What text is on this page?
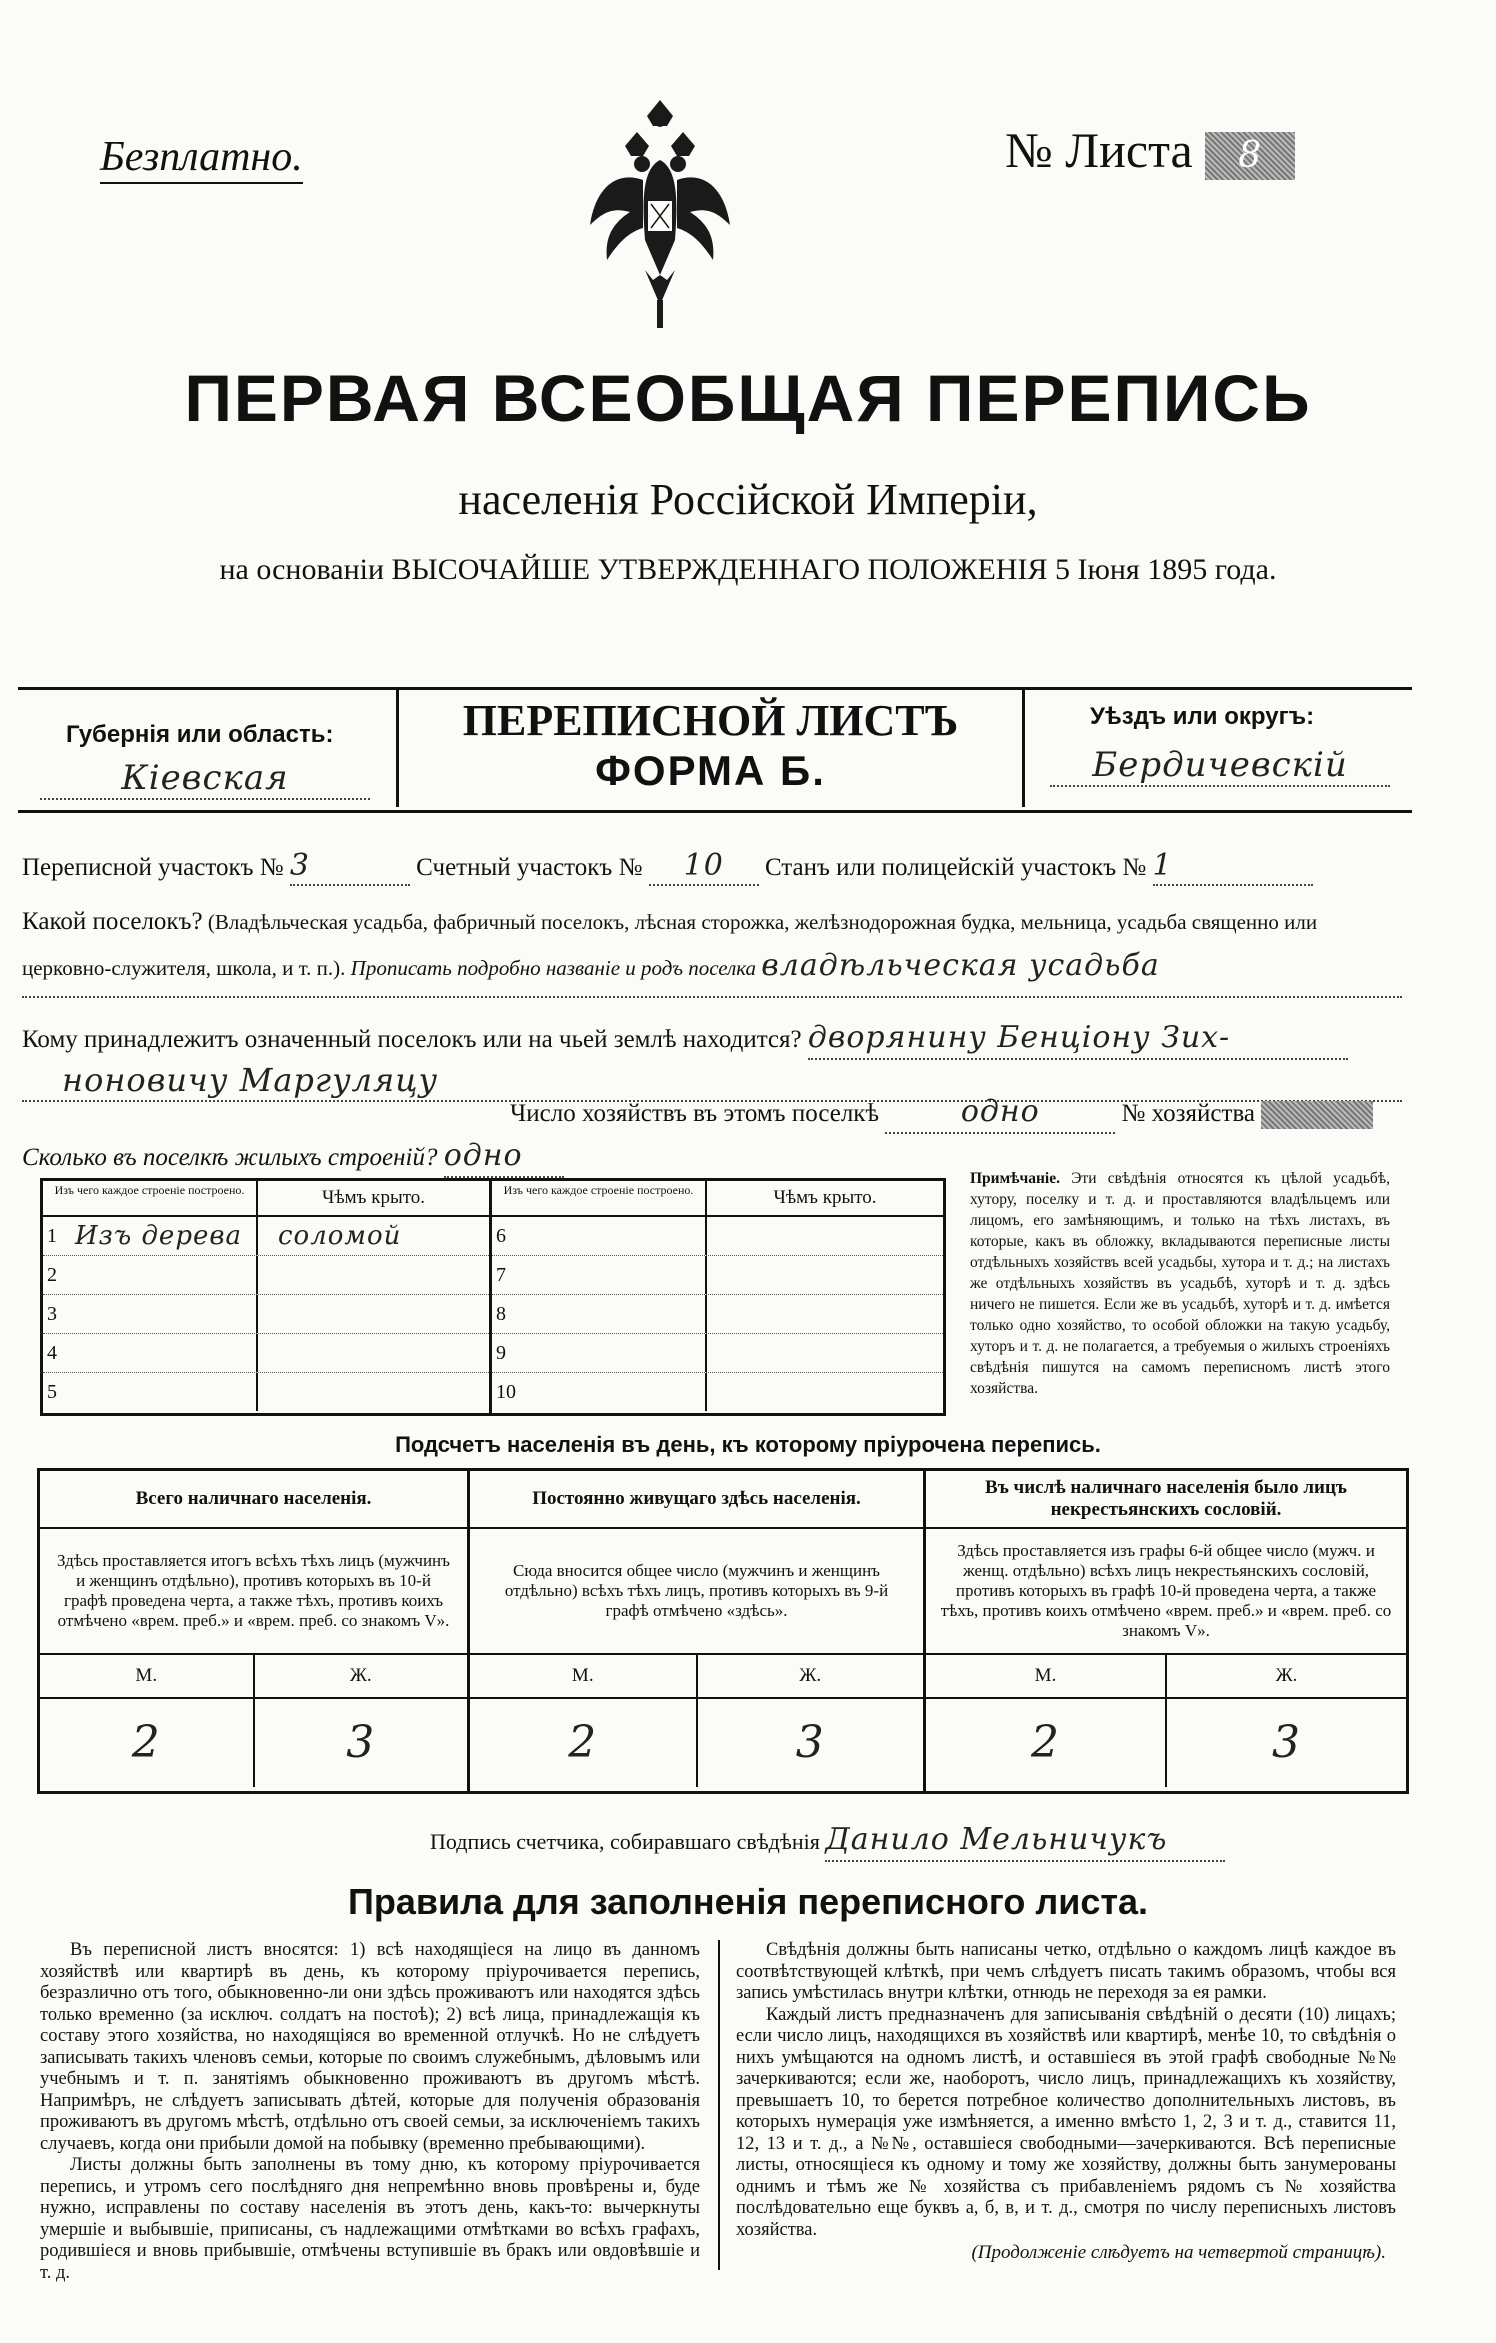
Безплатно.	№ Листа 8
ПЕРВАЯ ВСЕОБЩАЯ ПЕРЕПИСЬ
населенія Россійской Имперіи,
на основаніи ВЫСОЧАЙШЕ УТВЕРЖДЕННАГО ПОЛОЖЕНІЯ 5 Іюня 1895 года.
Губернія или область:
Кіевская
ПЕРЕПИСНОЙ ЛИСТЪ
ФОРМА Б.
Уѣздъ или округъ:
Бердичевскій
Переписной участокъ № 3	Счетный участокъ № 10 Станъ или полицейскій участокъ № 1
Какой поселокъ? (Владѣльческая усадьба, фабричный поселокъ, лѣсная сторожка, желѣзнодорожная будка, мельница, усадьба священно или церковно-служителя, школа, и т. п.). Прописать подробно названіе и родъ поселка владѣльческая усадьба
Кому принадлежитъ означенный поселокъ или на чьей землѣ находится? дворянину Бенціону Зих-
ноновичу Маргуляцу
Число хозяйствъ въ этомъ поселкѣ	одно	№ хозяйства
Сколько въ поселкѣ жилыхъ строеній? одно
Изъ чего каждое строеніе построено.	Чѣмъ крыто.
1 Изъ дерева	соломой
2
3
4
5
Изъ чего каждое строеніе построено.	Чѣмъ крыто.
6
7
8
9
10
Примѣчаніе. Эти свѣдѣнія относятся къ цѣлой усадьбѣ, хутору, поселку и т. д. и проставляются владѣльцемъ или лицомъ, его замѣняющимъ, и только на тѣхъ листахъ, въ которые, какъ въ обложку, вкладываются переписные листы отдѣльныхъ хозяйствъ всей усадьбы, хутора и т. д.; на листахъ же отдѣльныхъ хозяйствъ въ усадьбѣ, хуторѣ и т. д. здѣсь ничего не пишется. Если же въ усадьбѣ, хуторѣ и т. д. имѣется только одно хозяйство, то особой обложки на такую усадьбу, хуторъ и т. д. не полагается, а требуемыя о жилыхъ строеніяхъ свѣдѣнія пишутся на самомъ переписномъ листѣ этого хозяйства.
Подсчетъ населенія въ день, къ которому пріурочена перепись.
Всего наличнаго населенія.
Здѣсь проставляется итогъ всѣхъ тѣхъ лицъ (мужчинъ и женщинъ отдѣльно), противъ которыхъ въ 10-й графѣ проведена черта, а также тѣхъ, противъ коихъ отмѣчено «врем. преб.» и «врем. преб. со знакомъ V».
М.	Ж.
2	3
Постоянно живущаго здѣсь населенія.
Сюда вносится общее число (мужчинъ и женщинъ отдѣльно) всѣхъ тѣхъ лицъ, противъ которыхъ въ 9-й графѣ отмѣчено «здѣсь».
М.	Ж.
2	3
Въ числѣ наличнаго населенія было лицъ некрестьянскихъ сословій.
Здѣсь проставляется изъ графы 6-й общее число (мужч. и женщ. отдѣльно) всѣхъ лицъ некрестьянскихъ сословій, противъ которыхъ въ графѣ 10-й проведена черта, а также тѣхъ, противъ коихъ отмѣчено «врем. преб.» и «врем. преб. со знакомъ V».
М.	Ж.
2	3
Подпись счетчика, собиравшаго свѣдѣнія Данило Мельничукъ
Правила для заполненія переписного листа.

Въ переписной листъ вносятся: 1) всѣ находящіеся на лицо въ данномъ хозяйствѣ или квартирѣ въ день, къ которому пріурочивается перепись, безразлично отъ того, обыкновенно-ли они здѣсь проживаютъ или находятся здѣсь только временно (за исключ. солдатъ на постоѣ); 2) всѣ лица, принадлежащія къ составу этого хозяйства, но находящіяся во временной отлучкѣ. Но не слѣдуетъ записывать такихъ членовъ семьи, которые по своимъ служебнымъ, дѣловымъ или учебнымъ и т. п. занятіямъ обыкновенно проживаютъ въ другомъ мѣстѣ. Напримѣръ, не слѣдуетъ записывать дѣтей, которые для полученія образованія проживаютъ въ другомъ мѣстѣ, отдѣльно отъ своей семьи, за исключеніемъ такихъ случаевъ, когда они прибыли домой на побывку (временно пребывающими).

Листы должны быть заполнены въ тому дню, къ которому пріурочивается перепись, и утромъ сего послѣдняго дня непремѣнно вновь провѣрены и, буде нужно, исправлены по составу населенія въ этотъ день, какъ-то: вычеркнуты умершіе и выбывшіе, приписаны, съ надлежащими отмѣтками во всѣхъ графахъ, родившіеся и вновь прибывшіе, отмѣчены вступившіе въ бракъ или овдовѣвшіе и т. д.

Свѣдѣнія должны быть написаны четко, отдѣльно о каждомъ лицѣ каждое въ соотвѣтствующей клѣткѣ, при чемъ слѣдуетъ писать такимъ образомъ, чтобы вся запись умѣстилась внутри клѣтки, отнюдь не переходя за ея рамки.

Каждый листъ предназначенъ для записыванія свѣдѣній о десяти (10) лицахъ; если число лицъ, находящихся въ хозяйствѣ или квартирѣ, менѣе 10, то свѣдѣнія о нихъ умѣщаются на одномъ листѣ, и оставшіеся въ этой графѣ свободные №№ зачеркиваются; если же, наоборотъ, число лицъ, принадлежащихъ къ хозяйству, превышаетъ 10, то берется потребное количество дополнительныхъ листовъ, въ которыхъ нумерація уже измѣняется, а именно вмѣсто 1, 2, 3 и т. д., ставится 11, 12, 13 и т. д., а №№, оставшіеся свободными—зачеркиваются. Всѣ переписные листы, относящіеся къ одному и тому же хозяйству, должны быть занумерованы однимъ и тѣмъ же № хозяйства съ прибавленіемъ рядомъ съ № хозяйства послѣдовательно еще буквъ а, б, в, и т. д., смотря по числу переписныхъ листовъ хозяйства.

(Продолженіе слѣдуетъ на четвертой страницѣ).
